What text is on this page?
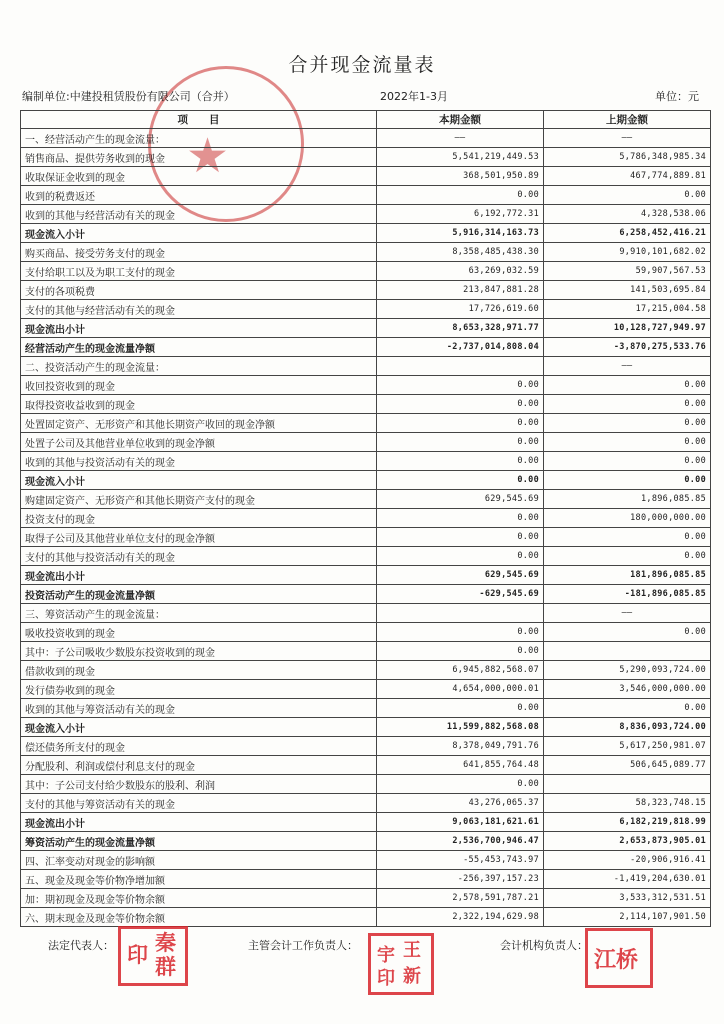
★
合并现金流量表
编制单位:中建投租赁股份有限公司（合并）	2022年1-3月	单位：元
项　　目	本期金额	上期金额
一、经营活动产生的现金流量：	——	——
销售商品、提供劳务收到的现金	5,541,219,449.53	5,786,348,985.34
收取保证金收到的现金	368,501,950.89	467,774,889.81
收到的税费返还	0.00	0.00
收到的其他与经营活动有关的现金	6,192,772.31	4,328,538.06
现金流入小计	5,916,314,163.73	6,258,452,416.21
购买商品、接受劳务支付的现金	8,358,485,438.30	9,910,101,682.02
支付给职工以及为职工支付的现金	63,269,032.59	59,907,567.53
支付的各项税费	213,847,881.28	141,503,695.84
支付的其他与经营活动有关的现金	17,726,619.60	17,215,004.58
现金流出小计	8,653,328,971.77	10,128,727,949.97
经营活动产生的现金流量净额	-2,737,014,808.04	-3,870,275,533.76
二、投资活动产生的现金流量：		——
收回投资收到的现金	0.00	0.00
取得投资收益收到的现金	0.00	0.00
处置固定资产、无形资产和其他长期资产收回的现金净额	0.00	0.00
处置子公司及其他营业单位收到的现金净额	0.00	0.00
收到的其他与投资活动有关的现金	0.00	0.00
现金流入小计	0.00	0.00
购建固定资产、无形资产和其他长期资产支付的现金	629,545.69	1,896,085.85
投资支付的现金	0.00	180,000,000.00
取得子公司及其他营业单位支付的现金净额	0.00	0.00
支付的其他与投资活动有关的现金	0.00	0.00
现金流出小计	629,545.69	181,896,085.85
投资活动产生的现金流量净额	-629,545.69	-181,896,085.85
三、筹资活动产生的现金流量：		——
吸收投资收到的现金	0.00	0.00
其中：子公司吸收少数股东投资收到的现金	0.00	
借款收到的现金	6,945,882,568.07	5,290,093,724.00
发行债券收到的现金	4,654,000,000.01	3,546,000,000.00
收到的其他与筹资活动有关的现金	0.00	0.00
现金流入小计	11,599,882,568.08	8,836,093,724.00
偿还债务所支付的现金	8,378,049,791.76	5,617,250,981.07
分配股利、利润或偿付利息支付的现金	641,855,764.48	506,645,089.77
其中：子公司支付给少数股东的股利、利润	0.00	
支付的其他与筹资活动有关的现金	43,276,065.37	58,323,748.15
现金流出小计	9,063,181,621.61	6,182,219,818.99
筹资活动产生的现金流量净额	2,536,700,946.47	2,653,873,905.01
四、汇率变动对现金的影响额	-55,453,743.97	-20,906,916.41
五、现金及现金等价物净增加额	-256,397,157.23	-1,419,204,630.01
加：期初现金及现金等价物余额	2,578,591,787.21	3,533,312,531.51
六、期末现金及现金等价物余额	2,322,194,629.98	2,114,107,901.50
法定代表人：	主管会计工作负责人：	会计机构负责人：
秦
印 群
王
宇
新
印
江桥
